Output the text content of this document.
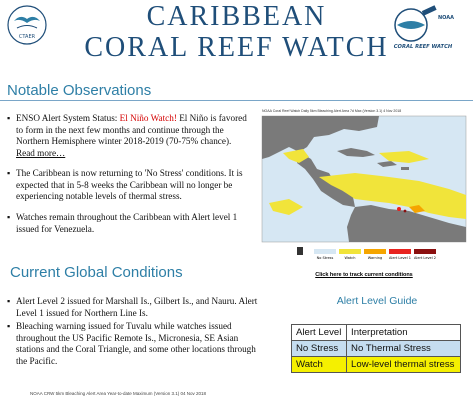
CTAER
CARIBBEAN
CORAL REEF WATCH
NOAA
CORAL REEF WATCH
Notable Observations
▪ ENSO Alert System Status: El Niño Watch! El Niño is favored to form in the next few months and continue through the Northern Hemisphere winter 2018-2019 (70-75% chance). Read more…
▪ The Caribbean is now returning to 'No Stress' conditions. It is expected that in 5-8 weeks the Caribbean will no longer be experiencing notable levels of thermal stress.
▪ Watches remain throughout the Caribbean with Alert level 1 issued for Venezuela.
No Stress	Watch	Warning Alert Level 1 Alert Level 2
NOAA Coral Reef Watch Daily 5km Bleaching Alert Area 7d Max (Version 3.1) 4 Nov 2018
Click here to track current conditions
Current Global Conditions
▪ Alert Level 2 issued for Marshall Is., Gilbert Is., and Nauru. Alert Level 1 issued for Northern Line Is.
▪ Bleaching warning issued for Tuvalu while watches issued throughout the US Pacific Remote Is., Micronesia, SE Asian stations and the Coral Triangle, and some other locations through the Pacific.
Alert Level Guide
Alert Level	Interpretation
No Stress	No Thermal Stress
Watch	Low-level thermal stress
NOAA CRW 5km Bleaching Alert Area Year-to-date Maximum (Version 3.1) 04 Nov 2018
